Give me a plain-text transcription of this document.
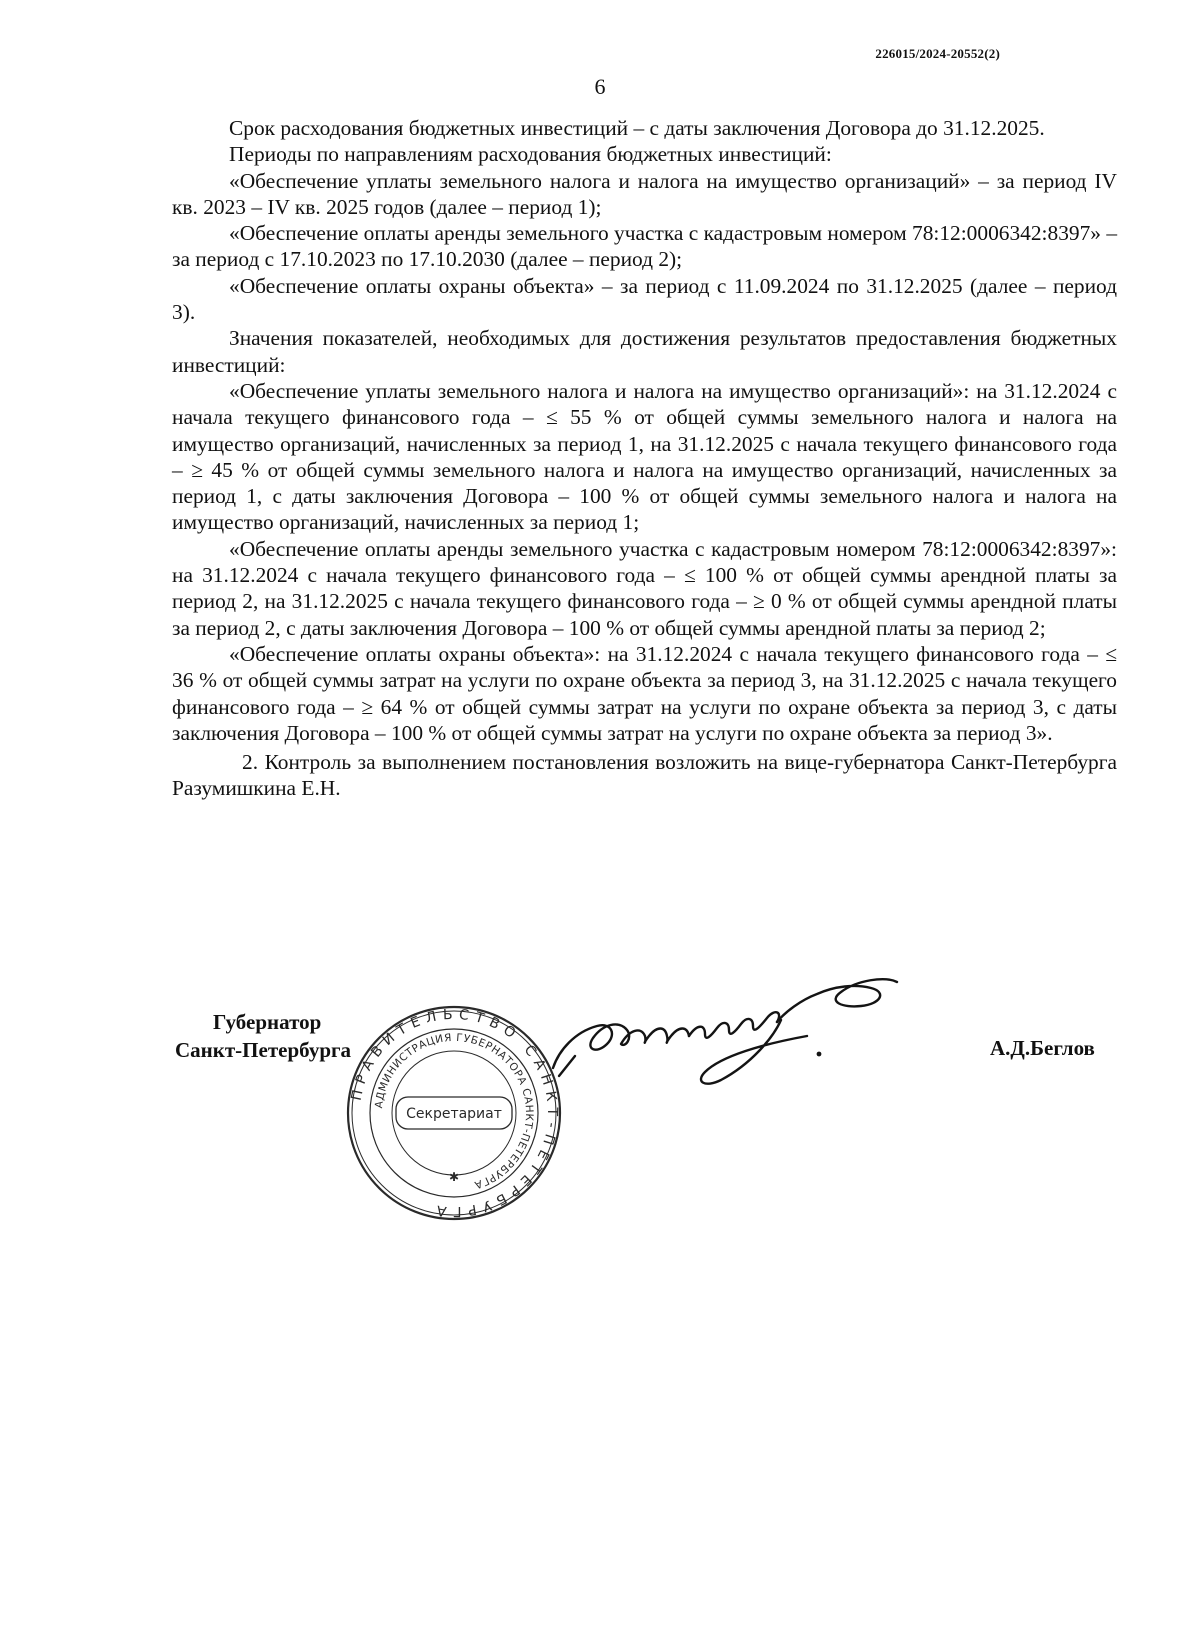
226015/2024-20552(2)
6

Срок расходования бюджетных инвестиций – с даты заключения Договора до 31.12.2025.

Периоды по направлениям расходования бюджетных инвестиций:

«Обеспечение уплаты земельного налога и налога на имущество организаций» – за период IV кв. 2023 – IV кв. 2025 годов (далее – период 1);

«Обеспечение оплаты аренды земельного участка с кадастровым номером 78:12:0006342:8397» – за период с 17.10.2023 по 17.10.2030 (далее – период 2);

«Обеспечение оплаты охраны объекта» – за период с 11.09.2024 по 31.12.2025 (далее – период 3).

Значения показателей, необходимых для достижения результатов предоставления бюджетных инвестиций:

«Обеспечение уплаты земельного налога и налога на имущество организаций»: на 31.12.2024 с начала текущего финансового года – ≤ 55 % от общей суммы земельного налога и налога на имущество организаций, начисленных за период 1, на 31.12.2025 с начала текущего финансового года – ≥ 45 % от общей суммы земельного налога и налога на имущество организаций, начисленных за период 1, с даты заключения Договора – 100 % от общей суммы земельного налога и налога на имущество организаций, начисленных за период 1;

«Обеспечение оплаты аренды земельного участка с кадастровым номером 78:12:0006342:8397»: на 31.12.2024 с начала текущего финансового года – ≤ 100 % от общей суммы арендной платы за период 2, на 31.12.2025 с начала текущего финансового года – ≥ 0 % от общей суммы арендной платы за период 2, с даты заключения Договора – 100 % от общей суммы арендной платы за период 2;

«Обеспечение оплаты охраны объекта»: на 31.12.2024 с начала текущего финансового года – ≤ 36 % от общей суммы затрат на услуги по охране объекта за период 3, на 31.12.2025 с начала текущего финансового года – ≥ 64 % от общей суммы затрат на услуги по охране объекта за период 3, с даты заключения Договора – 100 % от общей суммы затрат на услуги по охране объекта за период 3».

2. Контроль за выполнением постановления возложить на вице-губернатора Санкт-Петербурга Разумишкина Е.Н.

Губернатор
Санкт-Петербурга	А.Д.Беглов
ПРАВИТЕЛЬСТВО САНКТ-ПЕТЕРБУРГА
АДМИНИСТРАЦИЯ ГУБЕРНАТОРА САНКТ-ПЕТЕРБУРГА
Секретариат
✱
